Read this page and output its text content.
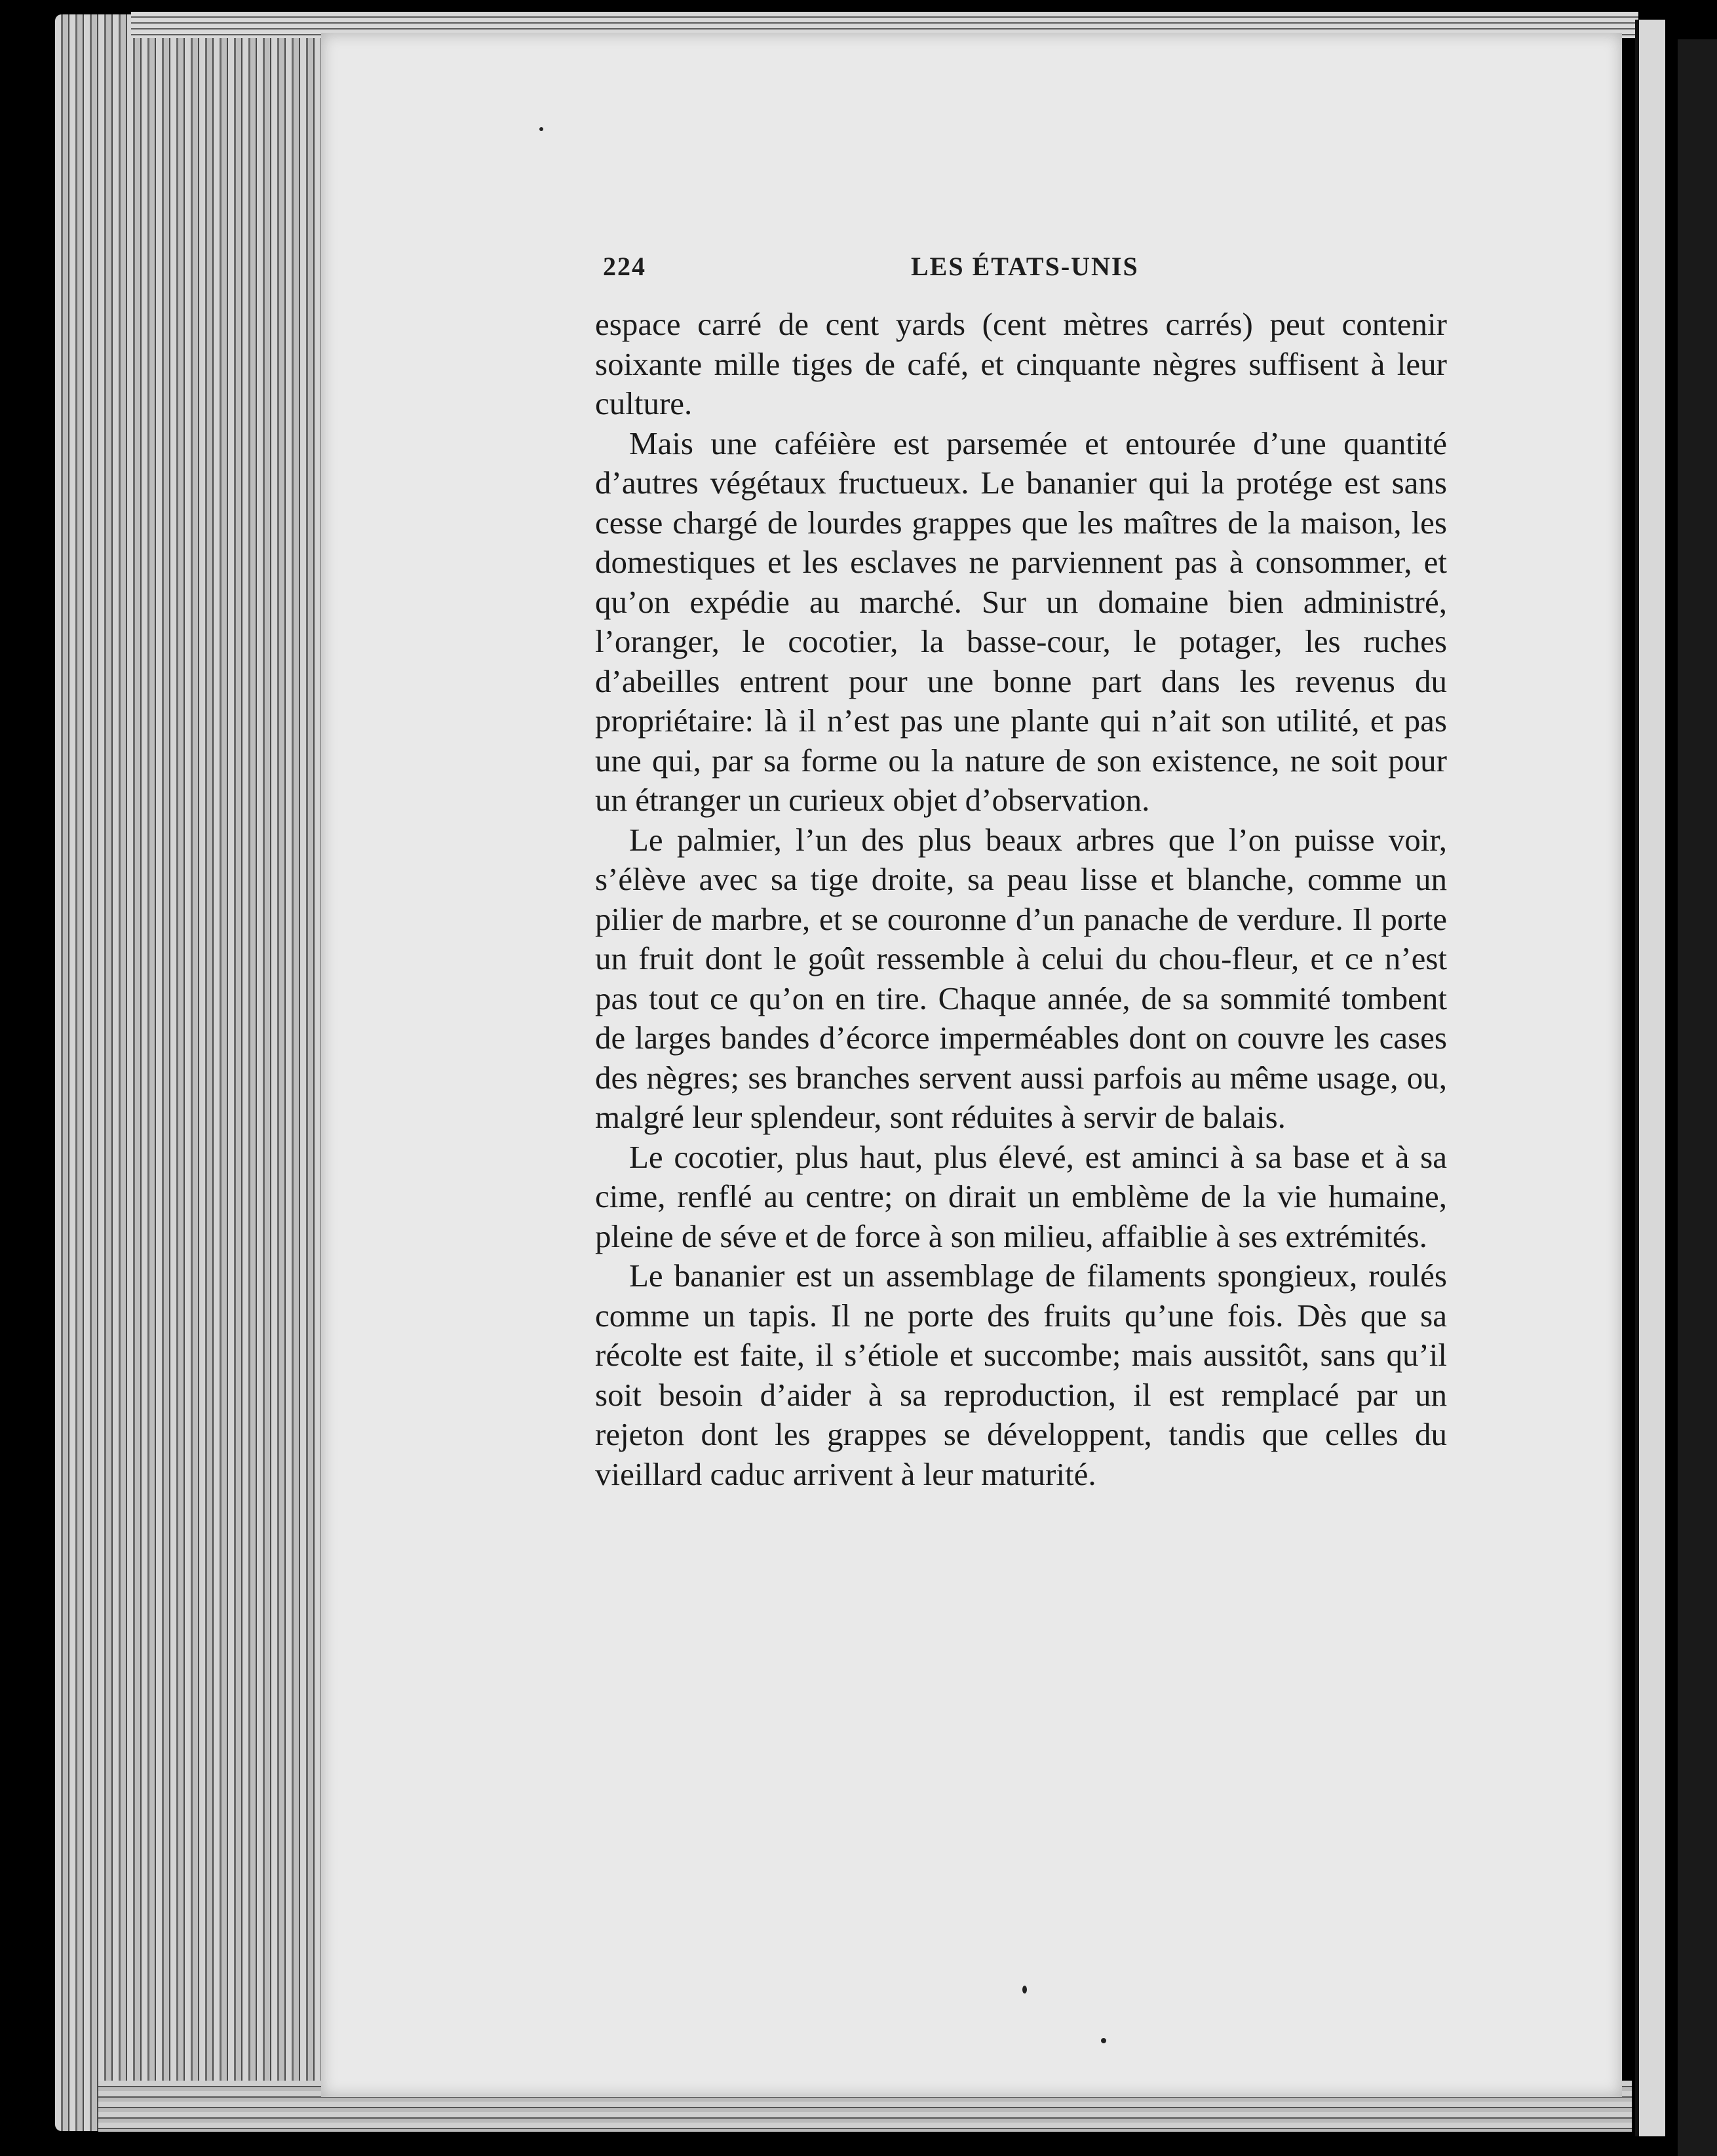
224	LES ÉTATS-UNIS

espace carré de cent yards (cent mètres carrés) peut contenir soixante mille tiges de café, et cinquante nègres suffisent à leur culture.

Mais une caféière est parsemée et entourée d’une quantité d’autres végétaux fructueux. Le bananier qui la protége est sans cesse chargé de lourdes grappes que les maîtres de la maison, les domestiques et les esclaves ne parviennent pas à consommer, et qu’on expédie au marché. Sur un domaine bien administré, l’oranger, le cocotier, la basse-cour, le potager, les ruches d’abeilles entrent pour une bonne part dans les revenus du propriétaire: là il n’est pas une plante qui n’ait son utilité, et pas une qui, par sa forme ou la nature de son existence, ne soit pour un étranger un curieux objet d’observation.

Le palmier, l’un des plus beaux arbres que l’on puisse voir, s’élève avec sa tige droite, sa peau lisse et blanche, comme un pilier de marbre, et se couronne d’un panache de verdure. Il porte un fruit dont le goût ressemble à celui du chou-fleur, et ce n’est pas tout ce qu’on en tire. Chaque année, de sa sommité tombent de larges bandes d’écorce imperméables dont on couvre les cases des nègres; ses branches servent aussi parfois au même usage, ou, malgré leur splendeur, sont réduites à servir de balais.

Le cocotier, plus haut, plus élevé, est aminci à sa base et à sa cime, renflé au centre; on dirait un emblème de la vie humaine, pleine de séve et de force à son milieu, affaiblie à ses extrémités.

Le bananier est un assemblage de filaments spongieux, roulés comme un tapis. Il ne porte des fruits qu’une fois. Dès que sa récolte est faite, il s’étiole et succombe; mais aussitôt, sans qu’il soit besoin d’aider à sa reproduction, il est remplacé par un rejeton dont les grappes se développent, tandis que celles du vieillard caduc arrivent à leur maturité.
